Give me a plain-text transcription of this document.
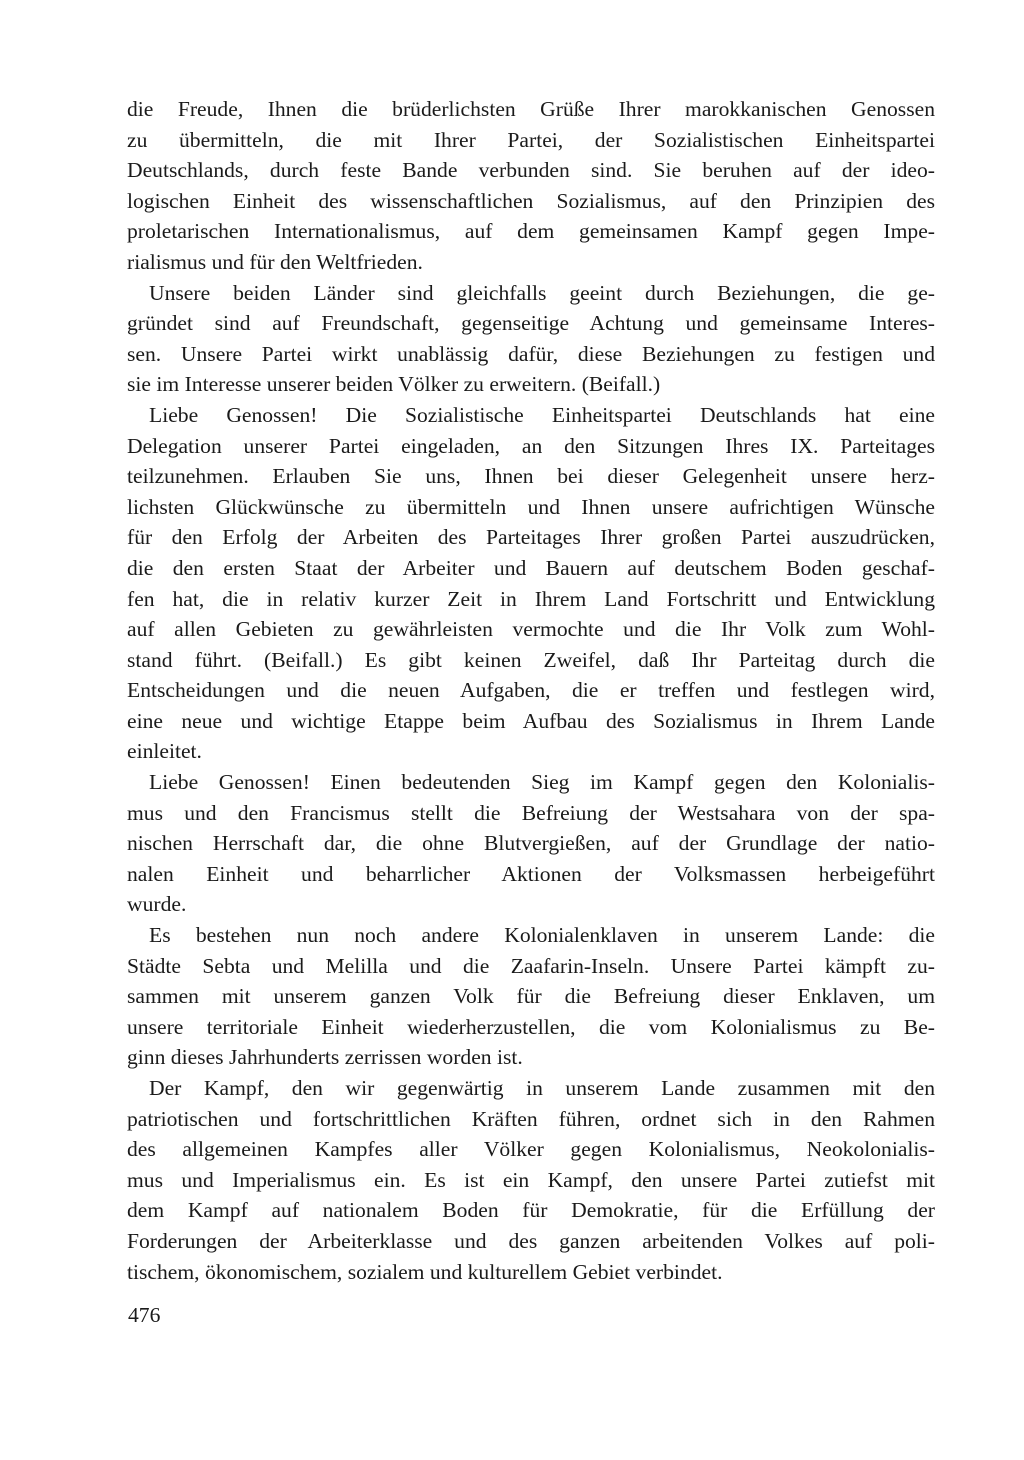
die Freude, Ihnen die brüderlichsten Grüße Ihrer marokkanischen Genossen
zu übermitteln, die mit Ihrer Partei, der Sozialistischen Einheitspartei
Deutschlands, durch feste Bande verbunden sind. Sie beruhen auf der ideo-
logischen Einheit des wissenschaftlichen Sozialismus, auf den Prinzipien des
proletarischen Internationalismus, auf dem gemeinsamen Kampf gegen Impe-
rialismus und für den Weltfrieden.
Unsere beiden Länder sind gleichfalls geeint durch Beziehungen, die ge-
gründet sind auf Freundschaft, gegenseitige Achtung und gemeinsame Interes-
sen. Unsere Partei wirkt unablässig dafür, diese Beziehungen zu festigen und
sie im Interesse unserer beiden Völker zu erweitern. (Beifall.)
Liebe Genossen! Die Sozialistische Einheitspartei Deutschlands hat eine
Delegation unserer Partei eingeladen, an den Sitzungen Ihres IX. Parteitages
teilzunehmen. Erlauben Sie uns, Ihnen bei dieser Gelegenheit unsere herz-
lichsten Glückwünsche zu übermitteln und Ihnen unsere aufrichtigen Wünsche
für den Erfolg der Arbeiten des Parteitages Ihrer großen Partei auszudrücken,
die den ersten Staat der Arbeiter und Bauern auf deutschem Boden geschaf-
fen hat, die in relativ kurzer Zeit in Ihrem Land Fortschritt und Entwicklung
auf allen Gebieten zu gewährleisten vermochte und die Ihr Volk zum Wohl-
stand führt. (Beifall.) Es gibt keinen Zweifel, daß Ihr Parteitag durch die
Entscheidungen und die neuen Aufgaben, die er treffen und festlegen wird,
eine neue und wichtige Etappe beim Aufbau des Sozialismus in Ihrem Lande
einleitet.
Liebe Genossen! Einen bedeutenden Sieg im Kampf gegen den Kolonialis-
mus und den Francismus stellt die Befreiung der Westsahara von der spa-
nischen Herrschaft dar, die ohne Blutvergießen, auf der Grundlage der natio-
nalen Einheit und beharrlicher Aktionen der Volksmassen herbeigeführt
wurde.
Es bestehen nun noch andere Kolonialenklaven in unserem Lande: die
Städte Sebta und Melilla und die Zaafarin-Inseln. Unsere Partei kämpft zu-
sammen mit unserem ganzen Volk für die Befreiung dieser Enklaven, um
unsere territoriale Einheit wiederherzustellen, die vom Kolonialismus zu Be-
ginn dieses Jahrhunderts zerrissen worden ist.
Der Kampf, den wir gegenwärtig in unserem Lande zusammen mit den
patriotischen und fortschrittlichen Kräften führen, ordnet sich in den Rahmen
des allgemeinen Kampfes aller Völker gegen Kolonialismus, Neokolonialis-
mus und Imperialismus ein. Es ist ein Kampf, den unsere Partei zutiefst mit
dem Kampf auf nationalem Boden für Demokratie, für die Erfüllung der
Forderungen der Arbeiterklasse und des ganzen arbeitenden Volkes auf poli-
tischem, ökonomischem, sozialem und kulturellem Gebiet verbindet.
476
